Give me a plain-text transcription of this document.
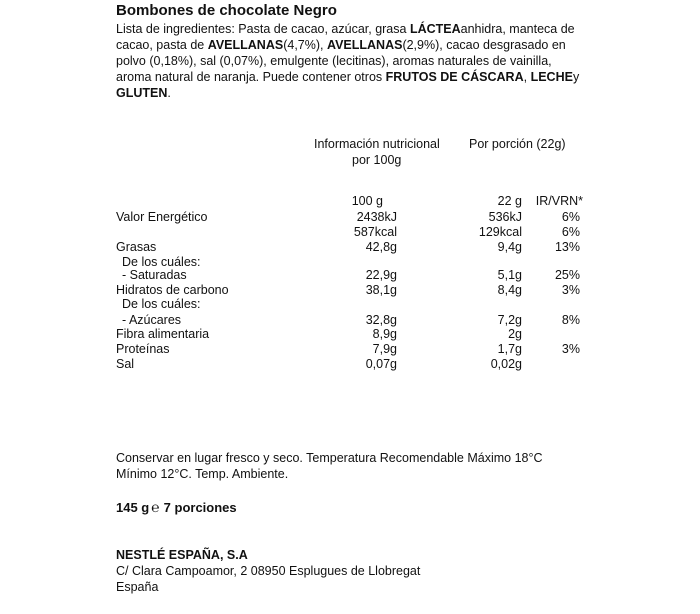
Bombones de chocolate Negro
Lista de ingredientes: Pasta de cacao, azúcar, grasa LÁCTEAanhidra, manteca de cacao, pasta de AVELLANAS(4,7%), AVELLANAS(2,9%), cacao desgrasado en polvo (0,18%), sal (0,07%), emulgente (lecitinas), aromas naturales de vainilla, aroma natural de naranja. Puede contener otros FRUTOS DE CÁSCARA, LECHEy GLUTEN.
Información nutricional
por 100g
Por porción (22g)
100 g	22 g IR/VRN*
Valor Energético	2438kJ	536kJ	6%
587kcal	129kcal	6%
Grasas	42,8g	9,4g	13%
De los cuáles:
- Saturadas	22,9g	5,1g	25%
Hidratos de carbono	38,1g	8,4g	3%
De los cuáles:
- Azúcares	32,8g	7,2g	8%
Fibra alimentaria	8,9g	2g
Proteínas	7,9g	1,7g	3%
Sal	0,07g	0,02g
Conservar en lugar fresco y seco. Temperatura Recomendable Máximo 18°C
Mínimo 12°C. Temp. Ambiente.
145 g ℮ 7 porciones
NESTLÉ ESPAÑA, S.A
C/ Clara Campoamor, 2 08950 Esplugues de Llobregat
España
